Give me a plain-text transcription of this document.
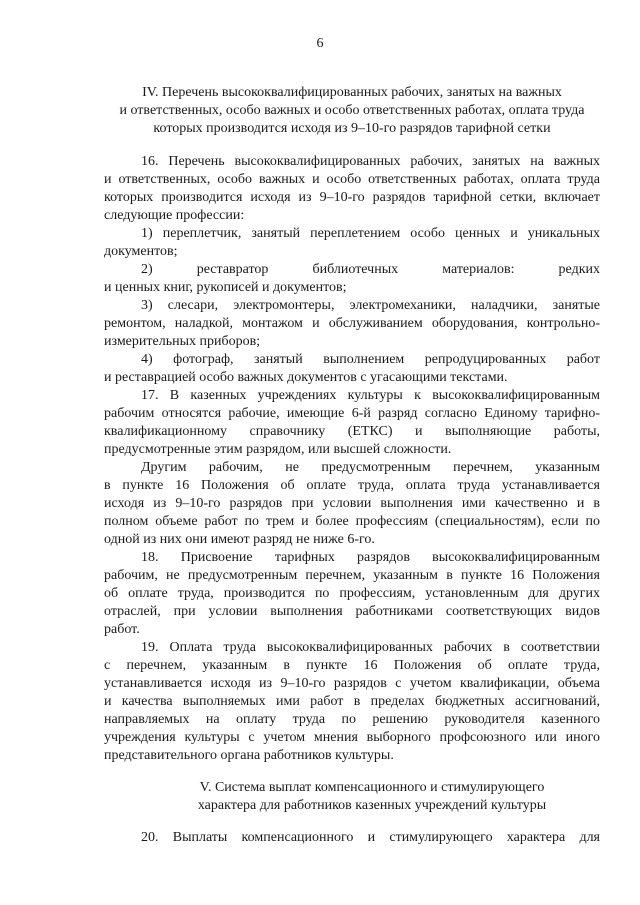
6
IV. Перечень высококвалифицированных рабочих, занятых на важных
и ответственных, особо важных и особо ответственных работах, оплата труда
которых производится исходя из 9–10-го разрядов тарифной сетки
16. Перечень высококвалифицированных рабочих, занятых на важных
и ответственных, особо важных и особо ответственных работах, оплата труда
которых производится исходя из 9–10-го разрядов тарифной сетки, включает
следующие профессии:
1) переплетчик, занятый переплетением особо ценных и уникальных
документов;
2) реставратор библиотечных материалов: редких
и ценных книг, рукописей и документов;
3) слесари, электромонтеры, электромеханики, наладчики, занятые
ремонтом, наладкой, монтажом и обслуживанием оборудования, контрольно-
измерительных приборов;
4) фотограф, занятый выполнением репродуцированных работ
и реставрацией особо важных документов с угасающими текстами.
17. В казенных учреждениях культуры к высококвалифицированным
рабочим относятся рабочие, имеющие 6-й разряд согласно Единому тарифно-
квалификационному справочнику (ЕТКС) и выполняющие работы,
предусмотренные этим разрядом, или высшей сложности.
Другим рабочим, не предусмотренным перечнем, указанным
в пункте 16 Положения об оплате труда, оплата труда устанавливается
исходя из 9–10-го разрядов при условии выполнения ими качественно и в
полном объеме работ по трем и более профессиям (специальностям), если по
одной из них они имеют разряд не ниже 6-го.
18. Присвоение тарифных разрядов высококвалифицированным
рабочим, не предусмотренным перечнем, указанным в пункте 16 Положения
об оплате труда, производится по профессиям, установленным для других
отраслей, при условии выполнения работниками соответствующих видов
работ.
19. Оплата труда высококвалифицированных рабочих в соответствии
с перечнем, указанным в пункте 16 Положения об оплате труда,
устанавливается исходя из 9–10-го разрядов с учетом квалификации, объема
и качества выполняемых ими работ в пределах бюджетных ассигнований,
направляемых на оплату труда по решению руководителя казенного
учреждения культуры с учетом мнения выборного профсоюзного или иного
представительного органа работников культуры.
V. Система выплат компенсационного и стимулирующего
характера для работников казенных учреждений культуры
20. Выплаты компенсационного и стимулирующего характера для
